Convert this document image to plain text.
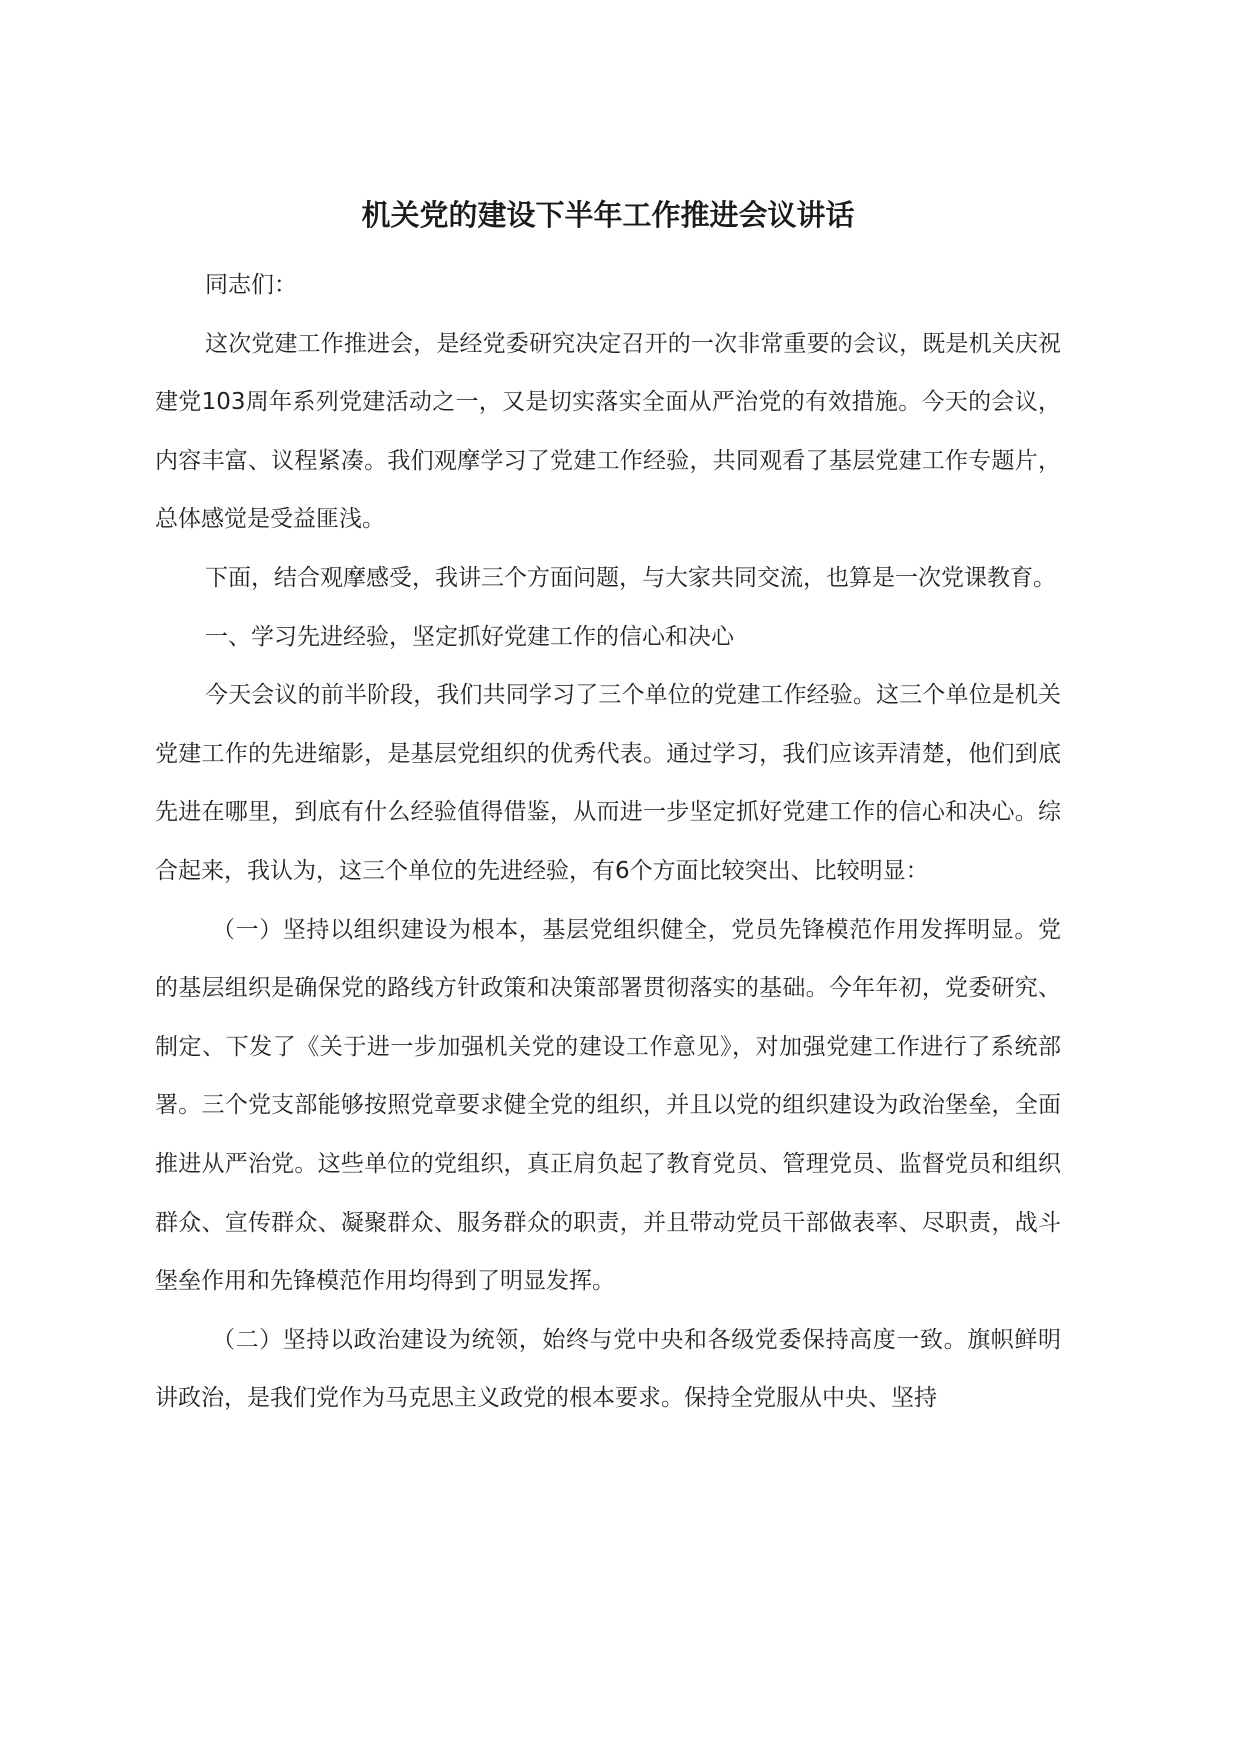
机关党的建设下半年工作推进会议讲话

同志们：

这次党建工作推进会，是经党委研究决定召开的一次非常重要的会议，既是机关庆祝建党103周年系列党建活动之一，又是切实落实全面从严治党的有效措施。今天的会议，内容丰富、议程紧凑。我们观摩学习了党建工作经验，共同观看了基层党建工作专题片，总体感觉是受益匪浅。

下面，结合观摩感受，我讲三个方面问题，与大家共同交流，也算是一次党课教育。

一、学习先进经验，坚定抓好党建工作的信心和决心

今天会议的前半阶段，我们共同学习了三个单位的党建工作经验。这三个单位是机关党建工作的先进缩影，是基层党组织的优秀代表。通过学习，我们应该弄清楚，他们到底先进在哪里，到底有什么经验值得借鉴，从而进一步坚定抓好党建工作的信心和决心。综合起来，我认为，这三个单位的先进经验，有6个方面比较突出、比较明显：

（一）坚持以组织建设为根本，基层党组织健全，党员先锋模范作用发挥明显。党的基层组织是确保党的路线方针政策和决策部署贯彻落实的基础。今年年初，党委研究、制定、下发了《关于进一步加强机关党的建设工作意见》，对加强党建工作进行了系统部署。三个党支部能够按照党章要求健全党的组织，并且以党的组织建设为政治堡垒，全面推进从严治党。这些单位的党组织，真正肩负起了教育党员、管理党员、监督党员和组织群众、宣传群众、凝聚群众、服务群众的职责，并且带动党员干部做表率、尽职责，战斗堡垒作用和先锋模范作用均得到了明显发挥。

（二）坚持以政治建设为统领，始终与党中央和各级党委保持高度一致。旗帜鲜明讲政治，是我们党作为马克思主义政党的根本要求。保持全党服从中央、坚持
